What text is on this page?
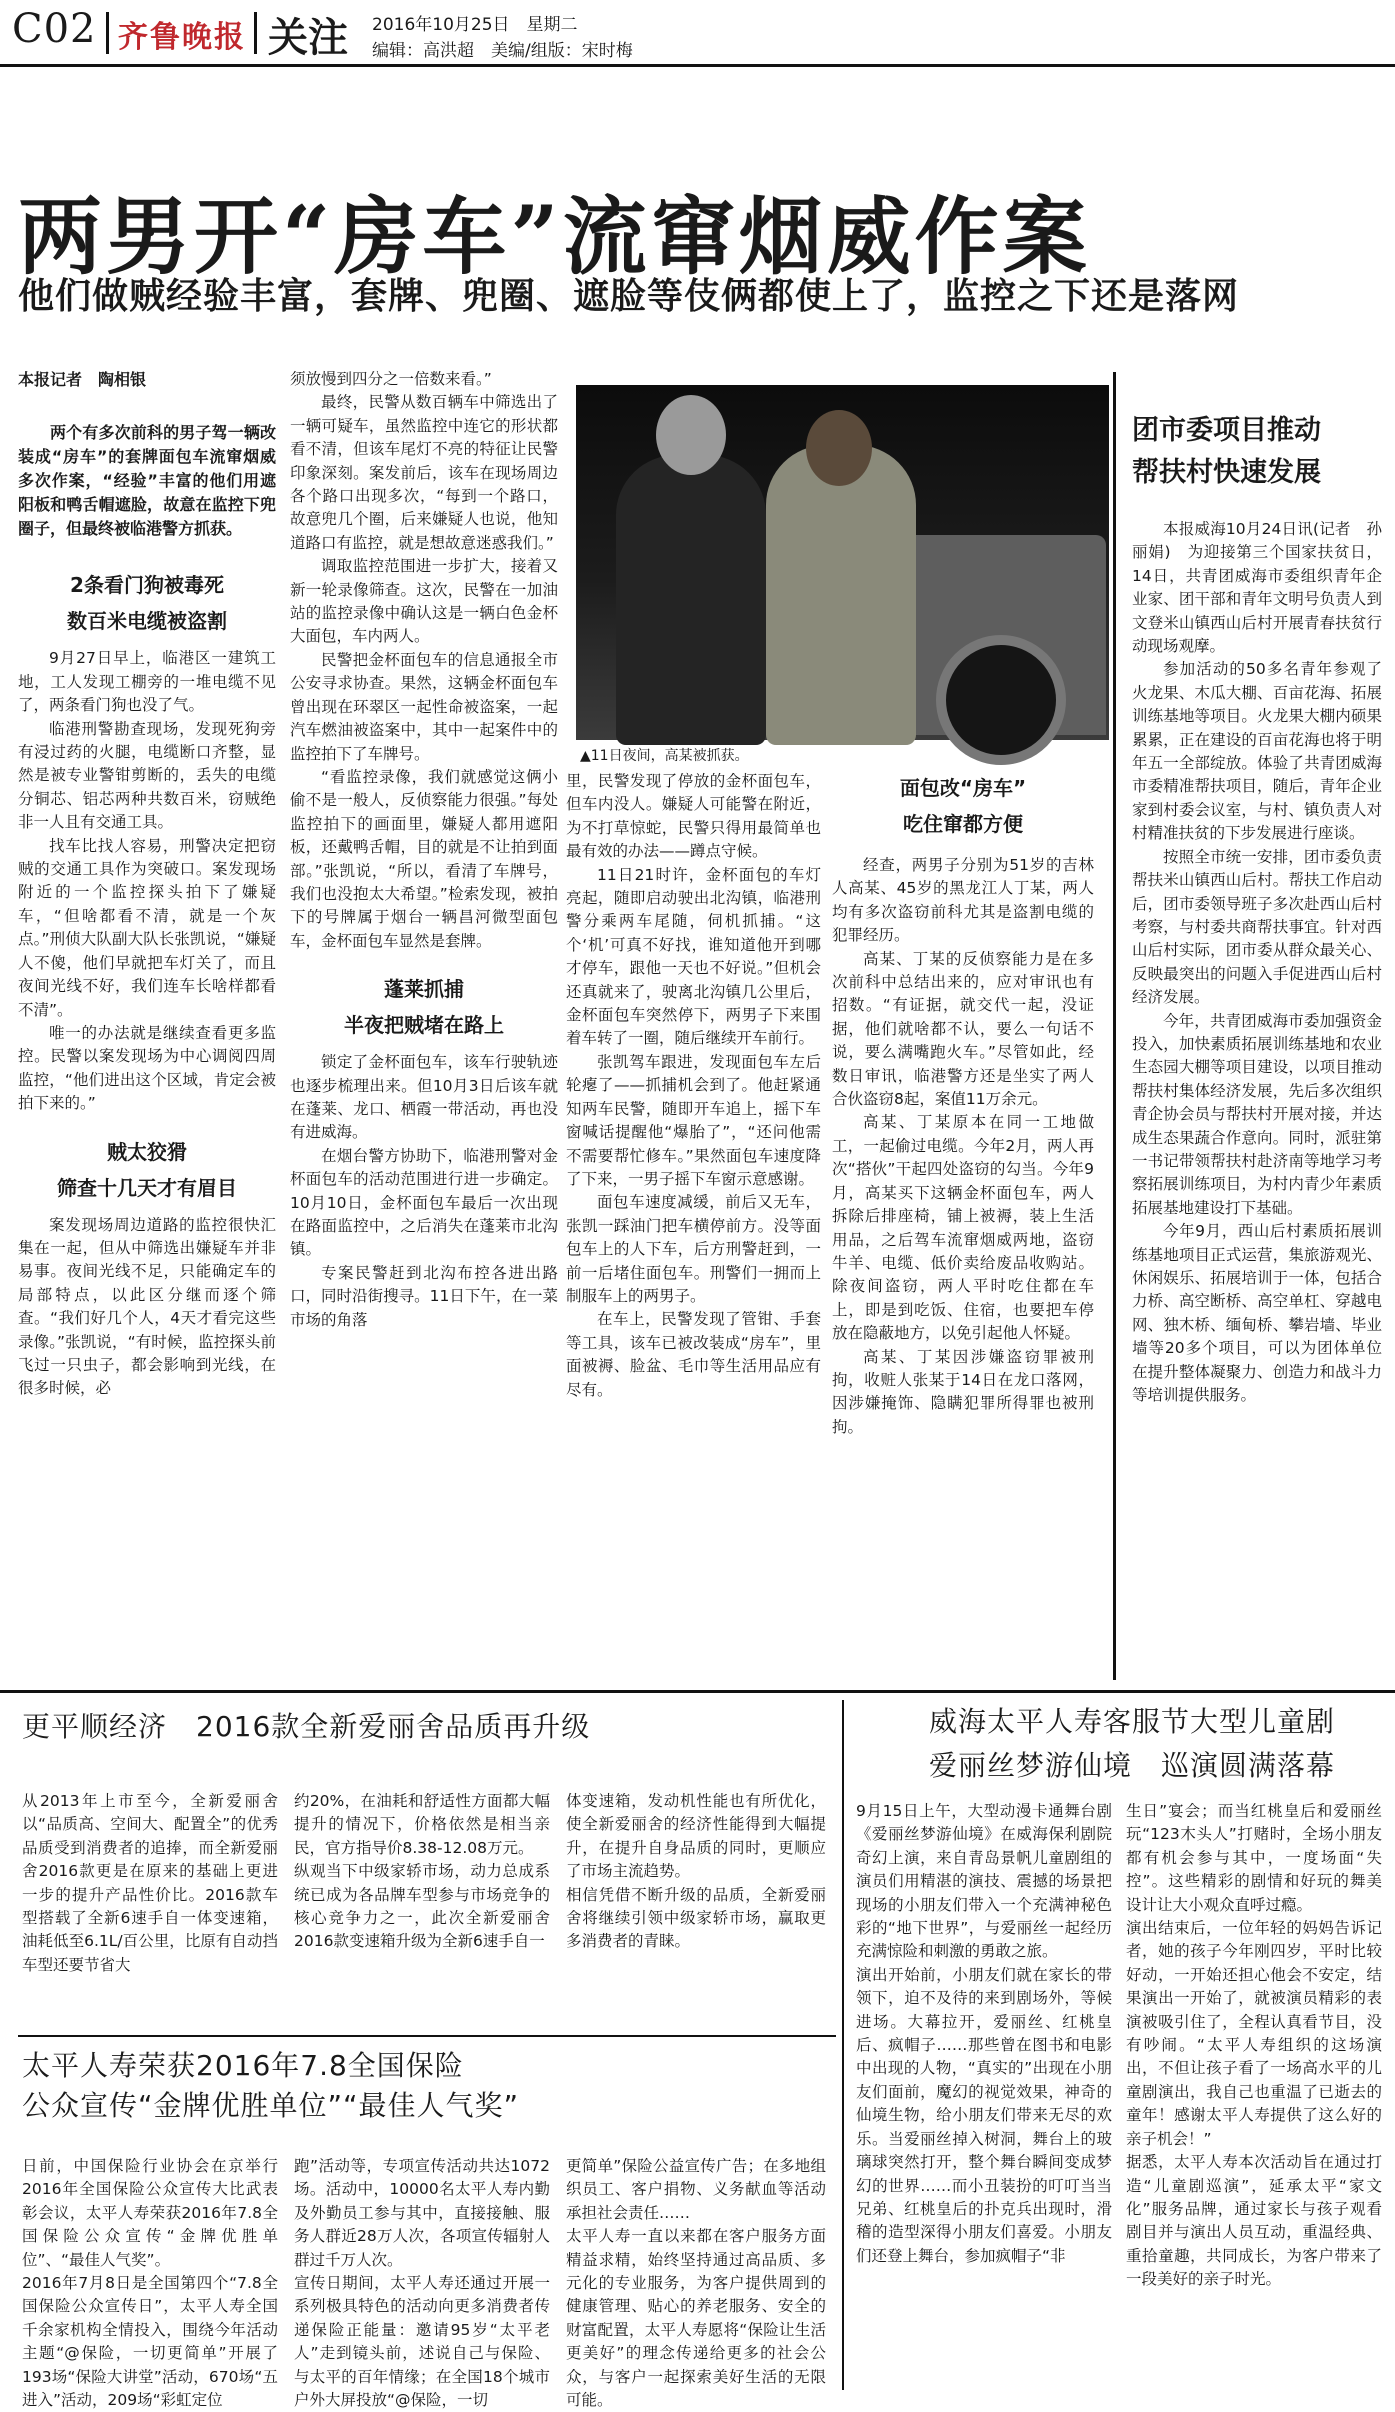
C02 齐鲁晚报 关注 2016年10月25日　星期二
编辑：高洪超　美编/组版：宋时梅
两男开“房车”流窜烟威作案
他们做贼经验丰富，套牌、兜圈、遮脸等伎俩都使上了，监控之下还是落网
本报记者　陶相银
两个有多次前科的男子驾一辆改装成“房车”的套牌面包车流窜烟威多次作案，“经验”丰富的他们用遮阳板和鸭舌帽遮脸，故意在监控下兜圈子，但最终被临港警方抓获。
2条看门狗被毒死
数百米电缆被盗割

9月27日早上，临港区一建筑工地，工人发现工棚旁的一堆电缆不见了，两条看门狗也没了气。

临港刑警勘查现场，发现死狗旁有浸过药的火腿，电缆断口齐整，显然是被专业警钳剪断的，丢失的电缆分铜芯、铝芯两种共数百米，窃贼绝非一人且有交通工具。

找车比找人容易，刑警决定把窃贼的交通工具作为突破口。案发现场附近的一个监控探头拍下了嫌疑车，“但啥都看不清，就是一个灰点。”刑侦大队副大队长张凯说，“嫌疑人不傻，他们早就把车灯关了，而且夜间光线不好，我们连车长啥样都看不清”。

唯一的办法就是继续查看更多监控。民警以案发现场为中心调阅四周监控，“他们进出这个区域，肯定会被拍下来的。”

贼太狡猾
筛查十几天才有眉目

案发现场周边道路的监控很快汇集在一起，但从中筛选出嫌疑车并非易事。夜间光线不足，只能确定车的局部特点，以此区分继而逐个筛查。“我们好几个人，4天才看完这些录像。”张凯说，“有时候，监控探头前飞过一只虫子，都会影响到光线，在很多时候，必

须放慢到四分之一倍数来看。”

最终，民警从数百辆车中筛选出了一辆可疑车，虽然监控中连它的形状都看不清，但该车尾灯不亮的特征让民警印象深刻。案发前后，该车在现场周边各个路口出现多次，“每到一个路口，故意兜几个圈，后来嫌疑人也说，他知道路口有监控，就是想故意迷惑我们。”

调取监控范围进一步扩大，接着又新一轮录像筛查。这次，民警在一加油站的监控录像中确认这是一辆白色金杯大面包，车内两人。

民警把金杯面包车的信息通报全市公安寻求协查。果然，这辆金杯面包车曾出现在环翠区一起性命被盗案，一起汽车燃油被盗案中，其中一起案件中的监控拍下了车牌号。

“看监控录像，我们就感觉这俩小偷不是一般人，反侦察能力很强。”每处监控拍下的画面里，嫌疑人都用遮阳板，还戴鸭舌帽，目的就是不让拍到面部。”张凯说，“所以，看清了车牌号，我们也没抱太大希望。”检索发现，被拍下的号牌属于烟台一辆昌河微型面包车，金杯面包车显然是套牌。

蓬莱抓捕
半夜把贼堵在路上

锁定了金杯面包车，该车行驶轨迹也逐步梳理出来。但10月3日后该车就在蓬莱、龙口、栖霞一带活动，再也没有进威海。

在烟台警方协助下，临港刑警对金杯面包车的活动范围进行进一步确定。10月10日，金杯面包车最后一次出现在路面监控中，之后消失在蓬莱市北沟镇。

专案民警赶到北沟布控各进出路口，同时沿街搜寻。11日下午，在一菜市场的角落

▲11日夜间，高某被抓获。

里，民警发现了停放的金杯面包车，但车内没人。嫌疑人可能警在附近，为不打草惊蛇，民警只得用最简单也最有效的办法——蹲点守候。

11日21时许，金杯面包的车灯亮起，随即启动驶出北沟镇，临港刑警分乘两车尾随，伺机抓捕。“这个‘机’可真不好找，谁知道他开到哪才停车，跟他一天也不好说。”但机会还真就来了，驶离北沟镇几公里后，金杯面包车突然停下，两男子下来围着车转了一圈，随后继续开车前行。

张凯驾车跟进，发现面包车左后轮瘪了——抓捕机会到了。他赶紧通知两车民警，随即开车追上，摇下车窗喊话提醒他“爆胎了”，“还问他需不需要帮忙修车。”果然面包车速度降了下来，一男子摇下车窗示意感谢。

面包车速度减缓，前后又无车，张凯一踩油门把车横停前方。没等面包车上的人下车，后方刑警赶到，一前一后堵住面包车。刑警们一拥而上制服车上的两男子。

在车上，民警发现了管钳、手套等工具，该车已被改装成“房车”，里面被褥、脸盆、毛巾等生活用品应有尽有。

面包改“房车”
吃住窜都方便

经查，两男子分别为51岁的吉林人高某、45岁的黑龙江人丁某，两人均有多次盗窃前科尤其是盗割电缆的犯罪经历。

高某、丁某的反侦察能力是在多次前科中总结出来的，应对审讯也有招数。“有证据，就交代一起，没证据，他们就啥都不认，要么一句话不说，要么满嘴跑火车。”尽管如此，经数日审讯，临港警方还是坐实了两人合伙盗窃8起，案值11万余元。

高某、丁某原本在同一工地做工，一起偷过电缆。今年2月，两人再次“搭伙”干起四处盗窃的勾当。今年9月，高某买下这辆金杯面包车，两人拆除后排座椅，铺上被褥，装上生活用品，之后驾车流窜烟威两地，盗窃牛羊、电缆、低价卖给废品收购站。除夜间盗窃，两人平时吃住都在车上，即是到吃饭、住宿，也要把车停放在隐蔽地方，以免引起他人怀疑。

高某、丁某因涉嫌盗窃罪被刑拘，收赃人张某于14日在龙口落网，因涉嫌掩饰、隐瞒犯罪所得罪也被刑拘。

团市委项目推动
帮扶村快速发展

本报威海10月24日讯(记者　孙丽娟)　为迎接第三个国家扶贫日，14日，共青团威海市委组织青年企业家、团干部和青年文明号负责人到文登米山镇西山后村开展青春扶贫行动现场观摩。

参加活动的50多名青年参观了火龙果、木瓜大棚、百亩花海、拓展训练基地等项目。火龙果大棚内硕果累累，正在建设的百亩花海也将于明年五一全部绽放。体验了共青团威海市委精准帮扶项目，随后，青年企业家到村委会议室，与村、镇负责人对村精准扶贫的下步发展进行座谈。

按照全市统一安排，团市委负责帮扶米山镇西山后村。帮扶工作启动后，团市委领导班子多次赴西山后村考察，与村委共商帮扶事宜。针对西山后村实际，团市委从群众最关心、反映最突出的问题入手促进西山后村经济发展。

今年，共青团威海市委加强资金投入，加快素质拓展训练基地和农业生态园大棚等项目建设，以项目推动帮扶村集体经济发展，先后多次组织青企协会员与帮扶村开展对接，并达成生态果蔬合作意向。同时，派驻第一书记带领帮扶村赴济南等地学习考察拓展训练项目，为村内青少年素质拓展基地建设打下基础。

今年9月，西山后村素质拓展训练基地项目正式运营，集旅游观光、休闲娱乐、拓展培训于一体，包括合力桥、高空断桥、高空单杠、穿越电网、独木桥、缅甸桥、攀岩墙、毕业墙等20多个项目，可以为团体单位在提升整体凝聚力、创造力和战斗力等培训提供服务。

更平顺经济　2016款全新爱丽舍品质再升级
从2013年上市至今，全新爱丽舍以“品质高、空间大、配置全”的优秀品质受到消费者的追捧，而全新爱丽舍2016款更是在原来的基础上更进一步的提升产品性价比。2016款车型搭载了全新6速手自一体变速箱，油耗低至6.1L/百公里，比原有自动挡车型还要节省大
约20%，在油耗和舒适性方面都大幅提升的情况下，价格依然是相当亲民，官方指导价8.38-12.08万元。
纵观当下中级家轿市场，动力总成系统已成为各品牌车型参与市场竞争的核心竞争力之一，此次全新爱丽舍2016款变速箱升级为全新6速手自一
体变速箱，发动机性能也有所优化，使全新爱丽舍的经济性能得到大幅提升，在提升自身品质的同时，更顺应了市场主流趋势。
相信凭借不断升级的品质，全新爱丽舍将继续引领中级家轿市场，赢取更多消费者的青睐。
太平人寿荣获2016年7.8全国保险
公众宣传“金牌优胜单位”“最佳人气奖”
日前，中国保险行业协会在京举行2016年全国保险公众宣传大比武表彰会议，太平人寿荣获2016年7.8全国保险公众宣传“金牌优胜单位”、“最佳人气奖”。
2016年7月8日是全国第四个“7.8全国保险公众宣传日”，太平人寿全国千余家机构全情投入，围绕今年活动主题“@保险，一切更简单”开展了193场“保险大讲堂”活动，670场“五进入”活动，209场“彩虹定位
跑”活动等，专项宣传活动共达1072场。活动中，10000名太平人寿内勤及外勤员工参与其中，直接接触、服务人群近28万人次，各项宣传辐射人群过千万人次。
宣传日期间，太平人寿还通过开展一系列极具特色的活动向更多消费者传递保险正能量：邀请95岁“太平老人”走到镜头前，述说自己与保险、与太平的百年情缘；在全国18个城市户外大屏投放“@保险，一切
更简单”保险公益宣传广告；在多地组织员工、客户捐物、义务献血等活动承担社会责任……
太平人寿一直以来都在客户服务方面精益求精，始终坚持通过高品质、多元化的专业服务，为客户提供周到的健康管理、贴心的养老服务、安全的财富配置，太平人寿愿将“保险让生活更美好”的理念传递给更多的社会公众，与客户一起探索美好生活的无限可能。
威海太平人寿客服节大型儿童剧
爱丽丝梦游仙境　巡演圆满落幕
9月15日上午，大型动漫卡通舞台剧《爱丽丝梦游仙境》在威海保利剧院奇幻上演，来自青岛景帆儿童剧组的演员们用精湛的演技、震撼的场景把现场的小朋友们带入一个充满神秘色彩的“地下世界”，与爱丽丝一起经历充满惊险和刺激的勇敢之旅。
演出开始前，小朋友们就在家长的带领下，迫不及待的来到剧场外，等候进场。大幕拉开，爱丽丝、红桃皇后、疯帽子……那些曾在图书和电影中出现的人物，“真实的”出现在小朋友们面前，魔幻的视觉效果，神奇的仙境生物，给小朋友们带来无尽的欢乐。当爱丽丝掉入树洞，舞台上的玻璃球突然打开，整个舞台瞬间变成梦幻的世界……而小丑装扮的叮叮当当兄弟、红桃皇后的扑克兵出现时，滑稽的造型深得小朋友们喜爱。小朋友们还登上舞台，参加疯帽子“非
生日”宴会；而当红桃皇后和爱丽丝玩“123木头人”打赌时，全场小朋友都有机会参与其中，一度场面“失控”。这些精彩的剧情和好玩的舞美设计让大小观众直呼过瘾。
演出结束后，一位年轻的妈妈告诉记者，她的孩子今年刚四岁，平时比较好动，一开始还担心他会不安定，结果演出一开始了，就被演员精彩的表演被吸引住了，全程认真看节目，没有吵闹。“太平人寿组织的这场演出，不但让孩子看了一场高水平的儿童剧演出，我自己也重温了已逝去的童年！感谢太平人寿提供了这么好的亲子机会！”
据悉，太平人寿本次活动旨在通过打造“儿童剧巡演”，延承太平“家文化”服务品牌，通过家长与孩子观看剧目并与演出人员互动，重温经典、重拾童趣，共同成长，为客户带来了一段美好的亲子时光。
